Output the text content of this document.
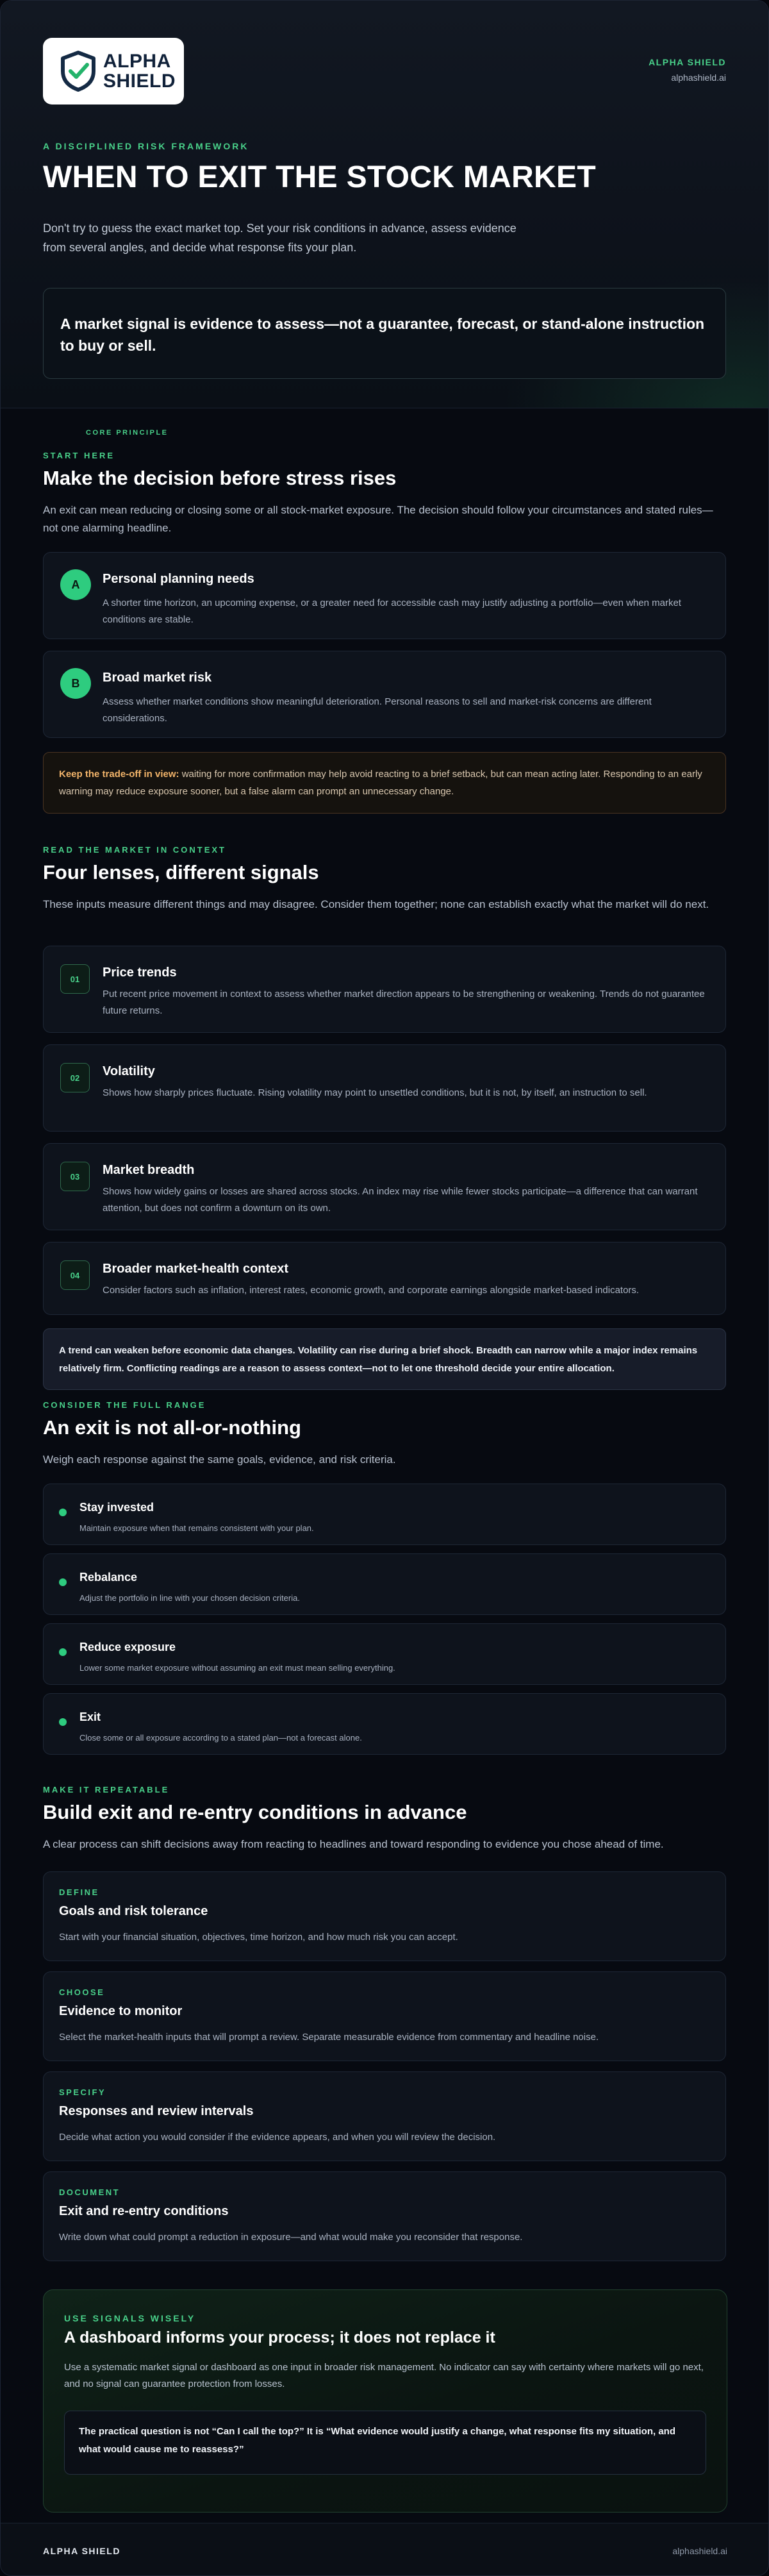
ALPHA
SHIELD
ALPHA SHIELD
alphashield.ai
A DISCIPLINED RISK FRAMEWORK
WHEN TO EXIT THE STOCK MARKET

Don't try to guess the exact market top. Set your risk conditions in advance, assess evidence from several angles, and decide what response fits your plan.

CORE PRINCIPLE
A market signal is evidence to assess—not a guarantee, forecast, or stand-alone instruction to buy or sell.
START HERE
Make the decision before stress rises
An exit can mean reducing or closing some or all stock-market exposure. The decision should follow your circumstances and stated rules—not one alarming headline.
A	Personal planning needs
A shorter time horizon, an upcoming expense, or a greater need for accessible cash may justify adjusting a portfolio—even when market conditions are stable.
B	Broad market risk
Assess whether market conditions show meaningful deterioration. Personal reasons to sell and market-risk concerns are different considerations.
Keep the trade-off in view: waiting for more confirmation may help avoid reacting to a brief setback, but can mean acting later. Responding to an early warning may reduce exposure sooner, but a false alarm can prompt an unnecessary change.
READ THE MARKET IN CONTEXT
Four lenses, different signals
These inputs measure different things and may disagree. Consider them together; none can establish exactly what the market will do next.
01	Price trends
Put recent price movement in context to assess whether market direction appears to be strengthening or weakening. Trends do not guarantee future returns.
02	Volatility
Shows how sharply prices fluctuate. Rising volatility may point to unsettled conditions, but it is not, by itself, an instruction to sell.
03	Market breadth
Shows how widely gains or losses are shared across stocks. An index may rise while fewer stocks participate—a difference that can warrant attention, but does not confirm a downturn on its own.
04	Broader market-health context
Consider factors such as inflation, interest rates, economic growth, and corporate earnings alongside market-based indicators.
A trend can weaken before economic data changes. Volatility can rise during a brief shock. Breadth can narrow while a major index remains relatively firm. Conflicting readings are a reason to assess context—not to let one threshold decide your entire allocation.
CONSIDER THE FULL RANGE
An exit is not all-or-nothing
Weigh each response against the same goals, evidence, and risk criteria.
Stay invested
Maintain exposure when that remains consistent with your plan.
Rebalance
Adjust the portfolio in line with your chosen decision criteria.
Reduce exposure
Lower some market exposure without assuming an exit must mean selling everything.
Exit
Close some or all exposure according to a stated plan—not a forecast alone.
MAKE IT REPEATABLE
Build exit and re-entry conditions in advance
A clear process can shift decisions away from reacting to headlines and toward responding to evidence you chose ahead of time.
DEFINE
Goals and risk tolerance
Start with your financial situation, objectives, time horizon, and how much risk you can accept.
CHOOSE
Evidence to monitor
Select the market-health inputs that will prompt a review. Separate measurable evidence from commentary and headline noise.
SPECIFY
Responses and review intervals
Decide what action you would consider if the evidence appears, and when you will review the decision.
DOCUMENT
Exit and re-entry conditions
Write down what could prompt a reduction in exposure—and what would make you reconsider that response.
USE SIGNALS WISELY
A dashboard informs your process; it does not replace it
Use a systematic market signal or dashboard as one input in broader risk management. No indicator can say with certainty where markets will go next, and no signal can guarantee protection from losses.
The practical question is not “Can I call the top?” It is “What evidence would justify a change, what response fits my situation, and what would cause me to reassess?”
ALPHA SHIELD	alphashield.ai
